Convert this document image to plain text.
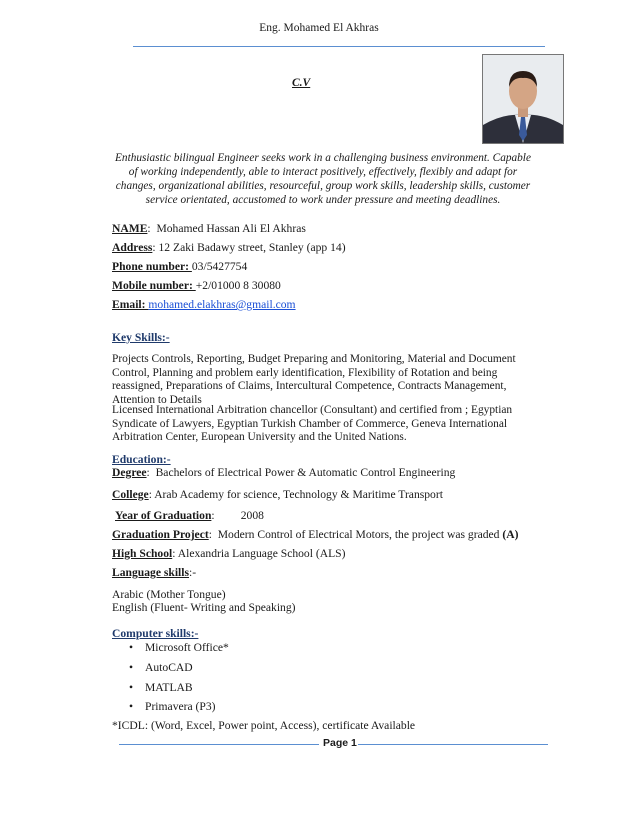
Eng. Mohamed El Akhras
C.V
Enthusiastic bilingual Engineer seeks work in a challenging business environment. Capable of working independently, able to interact positively, effectively, flexibly and adapt for changes, organizational abilities, resourceful, group work skills, leadership skills, customer service orientated, accustomed to work under pressure and meeting deadlines.
NAME:  Mohamed Hassan Ali El Akhras
Address: 12 Zaki Badawy street, Stanley (app 14)
Phone number: 03/5427754
Mobile number: +2/01000 8 30080
Email: mohamed.elakhras@gmail.com
Key Skills:-
Projects Controls, Reporting, Budget Preparing and Monitoring, Material and Document Control, Planning and problem early identification, Flexibility of Rotation and being reassigned, Preparations of Claims, Intercultural Competence, Contracts Management, Attention to Details
Licensed International Arbitration chancellor (Consultant) and certified from ; Egyptian Syndicate of Lawyers, Egyptian Turkish Chamber of Commerce, Geneva International Arbitration Center, European University and the United Nations.
Education:-
Degree:  Bachelors of Electrical Power & Automatic Control Engineering
College: Arab Academy for science, Technology & Maritime Transport
Year of Graduation:         2008
Graduation Project:  Modern Control of Electrical Motors, the project was graded (A)
High School: Alexandria Language School (ALS)
Language skills:-
Arabic (Mother Tongue)
English (Fluent- Writing and Speaking)
Computer skills:-
• Microsoft Office*
• AutoCAD
• MATLAB
• Primavera (P3)
*ICDL: (Word, Excel, Power point, Access), certificate Available
Page 1
